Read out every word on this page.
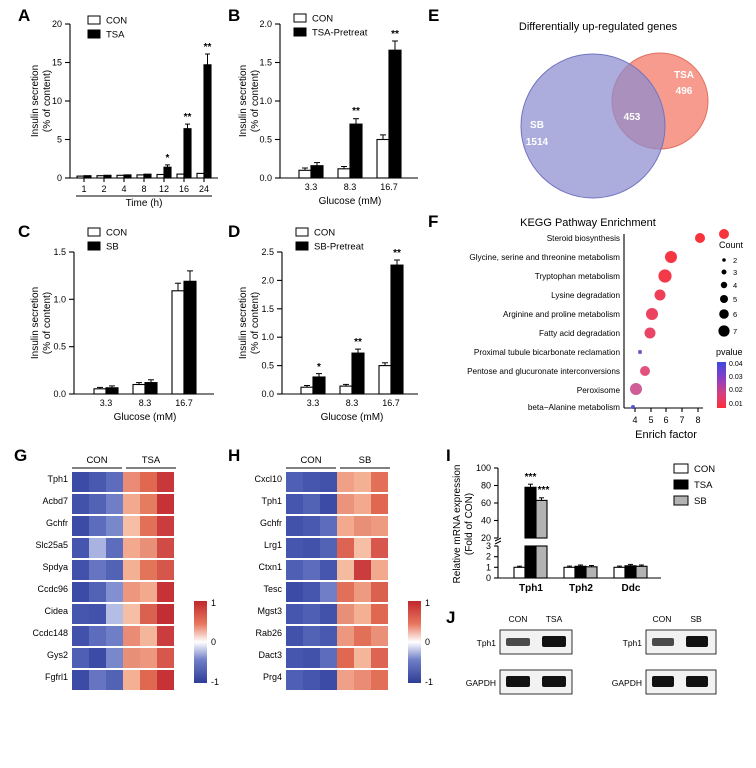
A
0
5
10
15
20
Insulin secretion (% of content)
*
**
**
1 2 4 8 12 16 24
Time (h)
CON
TSA
B
0.0
0.5
1.0
1.5
2.0
Insulin secretion (% of content)	**
**
3.3	8.3	16.7
Glucose (mM)
CON
TSA-Pretreat
E
Differentially up-regulated genes
TSA
496
SB
1514
453
C
0.0
0.5
1.0
1.5
Insulin secretion (% of content)
3.3	8.3	16.7
Glucose (mM)
CON
SB
D
0.0
0.5
1.0
1.5
2.0
2.5
Insulin secretion (% of content)
*
**
**
3.3	8.3	16.7
Glucose (mM)
CON
SB-Pretreat
F	KEGG Pathway Enrichment
Steroid biosynthesis
Glycine, serine and threonine metabolism
Tryptophan metabolism
Lysine degradation
Arginine and proline metabolism
Fatty acid degradation
Proximal tubule bicarbonate reclamation
Pentose and glucuronate interconversions
Peroxisome
beta−Alanine metabolism
4 5 6 7 8
Enrich factor
Count
2
3
4
5
6
7
pvalue
0.04
0.03
0.02
0.01
G	CON	TSA
Tph1
Acbd7
Gchfr
Slc25a5
Spdya
Ccdc96
Cidea
Ccdc148
Gys2
Fgfrl1
1
0
-1
H	CON	SB
Cxcl10
Tph1
Gchfr
Lrg1
Ctxn1
Tesc
Mgst3
Rab26
Dact3
Prg4
1
0
-1
I
20
40
60
80
100
0
1
2
3
Relative mRNA expression (Fold of CON)
***
***
Tph1	Tph2	Ddc
CON
TSA
SB
J	CON TSA
Tph1
GAPDH
CON SB
Tph1
GAPDH
